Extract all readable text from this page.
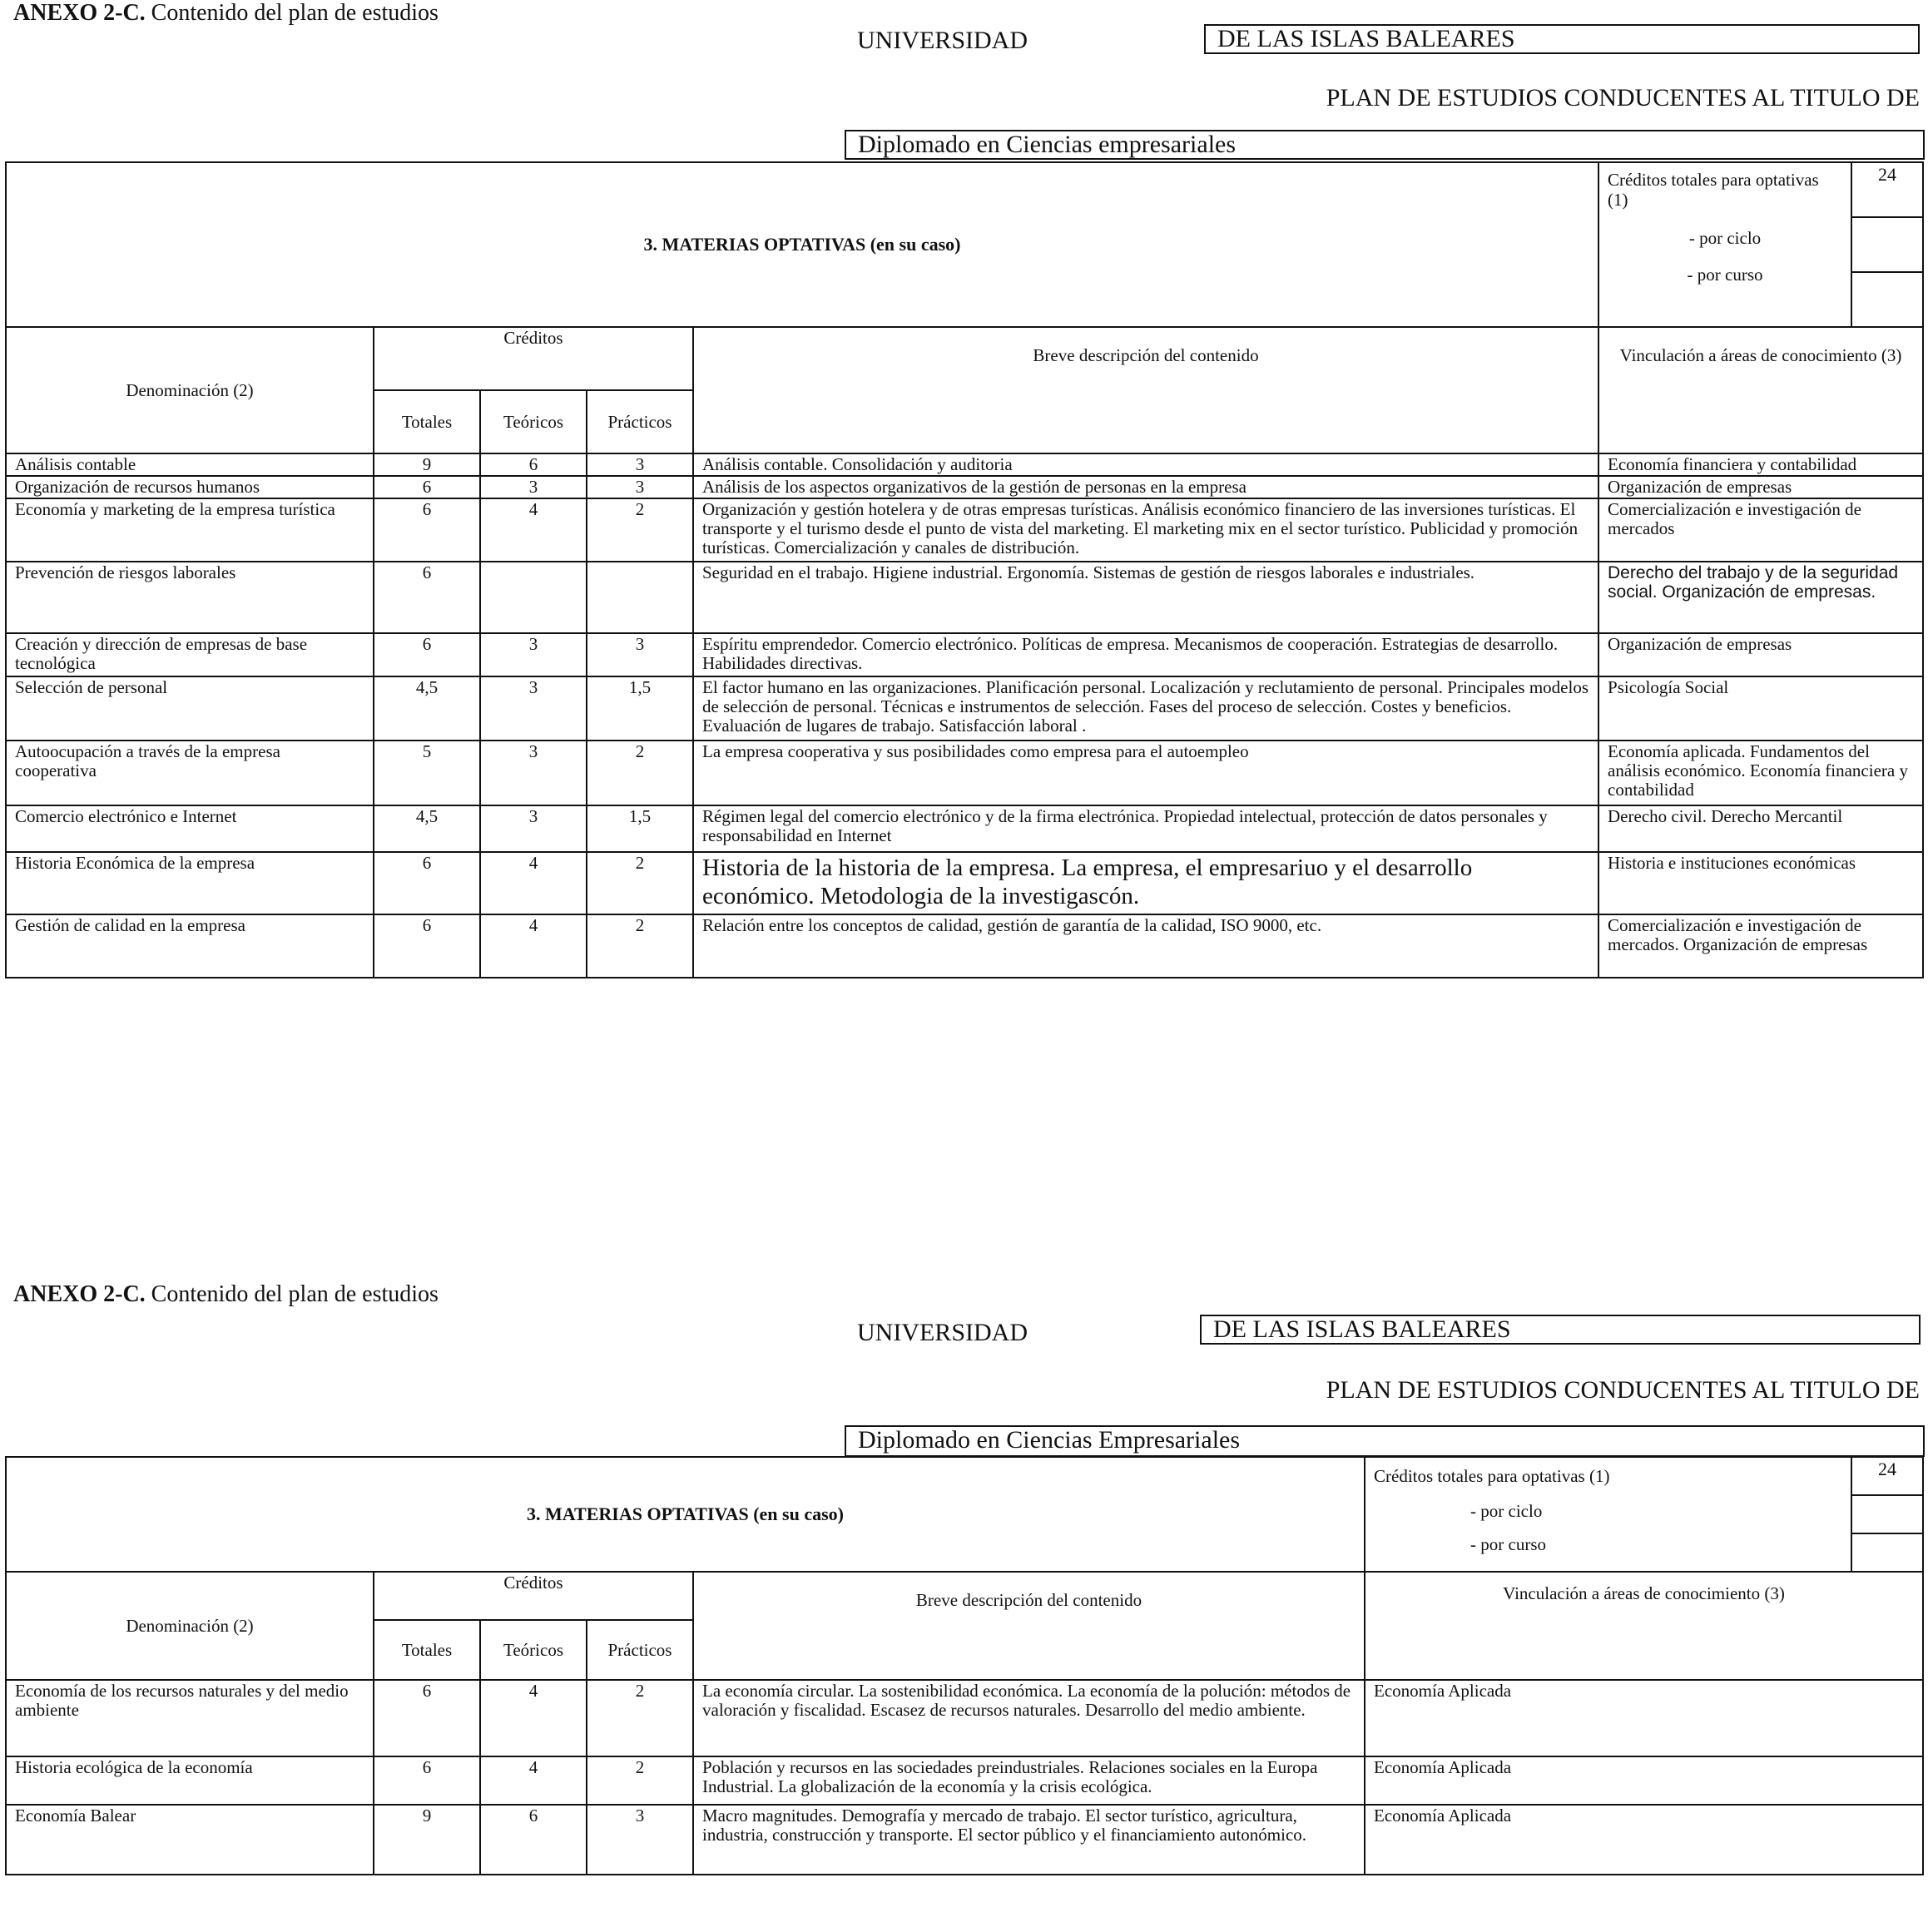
ANEXO 2-C. Contenido del plan de estudios
UNIVERSIDAD	DE LAS ISLAS BALEARES
PLAN DE ESTUDIOS CONDUCENTES AL TITULO DE
Diplomado en Ciencias empresariales
3. MATERIAS OPTATIVAS (en su caso)					Créditos totales para optativas (1)
- por ciclo
- por curso
24

Denominación (2)	Créditos			Breve descripción del contenido	Vinculación a áreas de conocimiento (3)
	Totales	Teóricos	Prácticos		
Análisis contable	9	6	3	Análisis contable. Consolidación y auditoria	Economía financiera y contabilidad
Organización de recursos humanos	6	3	3	Análisis de los aspectos organizativos de la gestión de personas en la empresa	Organización de empresas
Economía y marketing de la empresa turística	6	4	2	Organización y gestión hotelera y de otras empresas turísticas. Análisis económico financiero de las inversiones turísticas. El transporte y el turismo desde el punto de vista del marketing. El marketing mix en el sector turístico. Publicidad y promoción turísticas. Comercialización y canales de distribución.	Comercialización e investigación de mercados
Prevención de riesgos laborales	6			Seguridad en el trabajo. Higiene industrial. Ergonomía. Sistemas de gestión de riesgos laborales e industriales.	Derecho del trabajo y de la seguridad social. Organización de empresas.
Creación y dirección de empresas de base tecnológica	6	3	3	Espíritu emprendedor. Comercio electrónico. Políticas de empresa. Mecanismos de cooperación. Estrategias de desarrollo. Habilidades directivas.	Organización de empresas
Selección de personal	4,5	3	1,5	El factor humano en las organizaciones. Planificación personal. Localización y reclutamiento de personal. Principales modelos de selección de personal. Técnicas e instrumentos de selección. Fases del proceso de selección. Costes y beneficios. Evaluación de lugares de trabajo. Satisfacción laboral .	Psicología Social
Autoocupación a través de la empresa cooperativa	5	3	2	La empresa cooperativa y sus posibilidades como empresa para el autoempleo	Economía aplicada. Fundamentos del análisis económico. Economía financiera y contabilidad
Comercio electrónico e Internet	4,5	3	1,5	Régimen legal del comercio electrónico y de la firma electrónica. Propiedad intelectual, protección de datos personales y responsabilidad en Internet	Derecho civil. Derecho Mercantil
Historia Económica de la empresa	6	4	2	Historia de la historia de la empresa. La empresa, el empresariuo y el desarrollo económico. Metodologia de la investigascón.	Historia e instituciones económicas
Gestión de calidad en la empresa	6	4	2	Relación entre los conceptos de calidad, gestión de garantía de la calidad, ISO 9000, etc.	Comercialización e investigación de mercados. Organización de empresas
ANEXO 2-C. Contenido del plan de estudios
UNIVERSIDAD	DE LAS ISLAS BALEARES
PLAN DE ESTUDIOS CONDUCENTES AL TITULO DE
Diplomado en Ciencias Empresariales
3. MATERIAS OPTATIVAS (en su caso)					Créditos totales para optativas (1)
- por ciclo
- por curso
24

Denominación (2)	Créditos			Breve descripción del contenido	Vinculación a áreas de conocimiento (3)
	Totales	Teóricos	Prácticos		
Economía de los recursos naturales y del medio ambiente	6	4	2	La economía circular. La sostenibilidad económica. La economía de la polución: métodos de valoración y fiscalidad. Escasez de recursos naturales. Desarrollo del medio ambiente.	Economía Aplicada
Historia ecológica de la economía	6	4	2	Población y recursos en las sociedades preindustriales. Relaciones sociales en la Europa Industrial. La globalización de la economía y la crisis ecológica.	Economía Aplicada
Economía Balear	9	6	3	Macro magnitudes. Demografía y mercado de trabajo. El sector turístico, agricultura, industria, construcción y transporte. El sector público y el financiamiento autonómico.	Economía Aplicada
